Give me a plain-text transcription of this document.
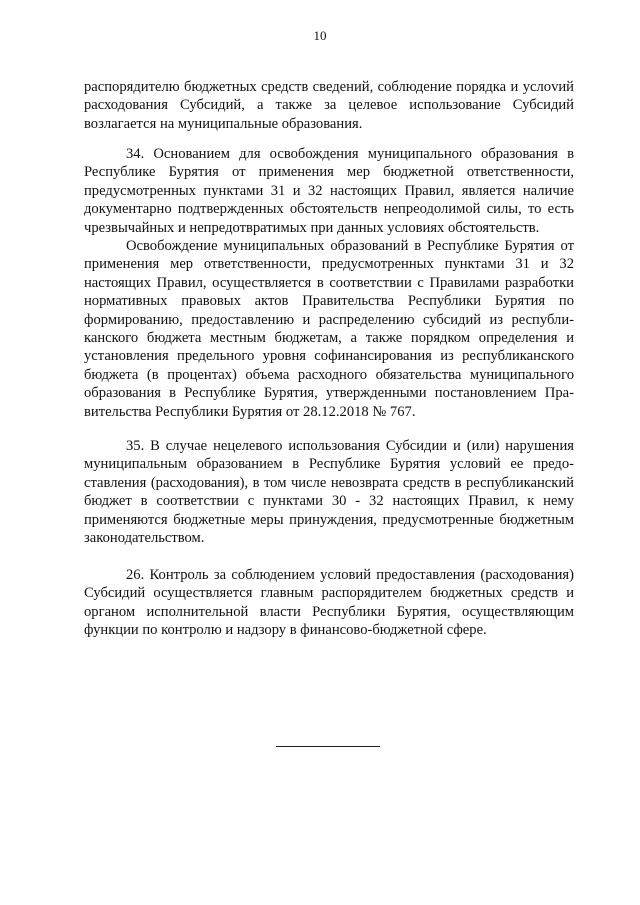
10

распорядителю бюджетных средств сведений, соблюдение порядка и услоvий расходования Субсидий, а также за целевое использование Субсидий возлагается на муниципальные образования.

34. Основанием для освобождения муниципального образования в Республике Бурятия от применения мер бюджетной ответственности, предусмотренных пунктами 31 и 32 настоящих Правил, является наличие документарно подтвержденных обстоятельств непреодолимой силы, то есть чрезвычайных и непредотвратимых при данных условиях обстоятельств.

Освобождение муниципальных образований в Республике Бурятия от применения мер ответственности, предусмотренных пунктами 31 и 32 настоящих Правил, осуществляется в соответствии с Правилами разработки нормативных правовых актов Правительства Республики Бурятия по формированию, предоставлению и распределению субсидий из республиканского бюджета местным бюджетам, а также порядком определения и установления предельного уровня софинансирования из республиканского бюджета (в процентах) объема расходного обязательства муниципального образования в Республике Бурятия, утвержденными постановлением Правительства Республики Бурятия от 28.12.2018 № 767.

35. В случае нецелевого использования Субсидии и (или) нарушения муниципальным образованием в Республике Бурятия условий ее предоставления (расходования), в том числе невозврата средств в республиканский бюджет в соответствии с пунктами 30 - 32 настоящих Правил, к нему применяются бюджетные меры принуждения, предусмотренные бюджетным законодательством.

26. Контроль за соблюдением условий предоставления (расходования) Субсидий осуществляется главным распорядителем бюджетных средств и органом исполнительной власти Республики Бурятия, осуществляющим функции по контролю и надзору в финансово-бюджетной сфере.
